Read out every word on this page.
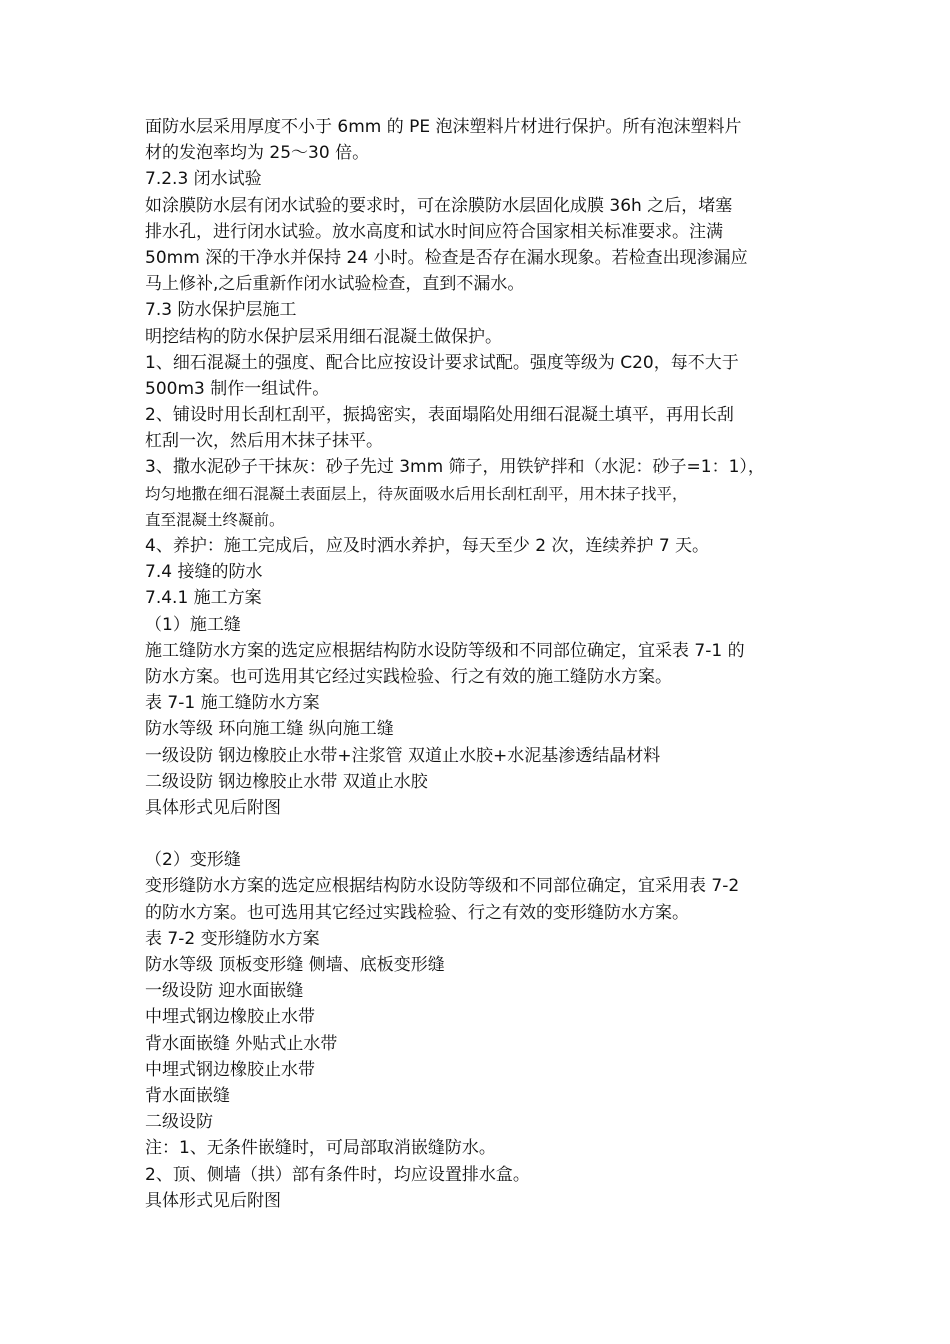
面防水层采用厚度不小于 6mm 的 PE 泡沫塑料片材进行保护。所有泡沫塑料片
材的发泡率均为 25～30 倍。
7.2.3 闭水试验
如涂膜防水层有闭水试验的要求时，可在涂膜防水层固化成膜 36h 之后，堵塞
排水孔，进行闭水试验。放水高度和试水时间应符合国家相关标准要求。注满
50mm 深的干净水并保持 24 小时。检查是否存在漏水现象。若检查出现渗漏应
马上修补,之后重新作闭水试验检查，直到不漏水。
7.3 防水保护层施工
明挖结构的防水保护层采用细石混凝土做保护。
1、细石混凝土的强度、配合比应按设计要求试配。强度等级为 C20，每不大于
500m3 制作一组试件。
2、铺设时用长刮杠刮平，振捣密实，表面塌陷处用细石混凝土填平，再用长刮
杠刮一次，然后用木抹子抹平。
3、撒水泥砂子干抹灰：砂子先过 3mm 筛子，用铁铲拌和（水泥：砂子=1：1），
均匀地撒在细石混凝土表面层上，待灰面吸水后用长刮杠刮平，用木抹子找平，
直至混凝土终凝前。
4、养护：施工完成后，应及时洒水养护，每天至少 2 次，连续养护 7 天。
7.4 接缝的防水
7.4.1 施工方案
（1）施工缝
施工缝防水方案的选定应根据结构防水设防等级和不同部位确定，宜采表 7-1 的
防水方案。也可选用其它经过实践检验、行之有效的施工缝防水方案。
表 7-1 施工缝防水方案
防水等级 环向施工缝 纵向施工缝
一级设防 钢边橡胶止水带+注浆管 双道止水胶+水泥基渗透结晶材料
二级设防 钢边橡胶止水带 双道止水胶
具体形式见后附图
（2）变形缝
变形缝防水方案的选定应根据结构防水设防等级和不同部位确定，宜采用表 7-2
的防水方案。也可选用其它经过实践检验、行之有效的变形缝防水方案。
表 7-2 变形缝防水方案
防水等级 顶板变形缝 侧墙、底板变形缝
一级设防 迎水面嵌缝
中埋式钢边橡胶止水带
背水面嵌缝 外贴式止水带
中埋式钢边橡胶止水带
背水面嵌缝
二级设防
注：1、无条件嵌缝时，可局部取消嵌缝防水。
2、顶、侧墙（拱）部有条件时，均应设置排水盒。
具体形式见后附图
